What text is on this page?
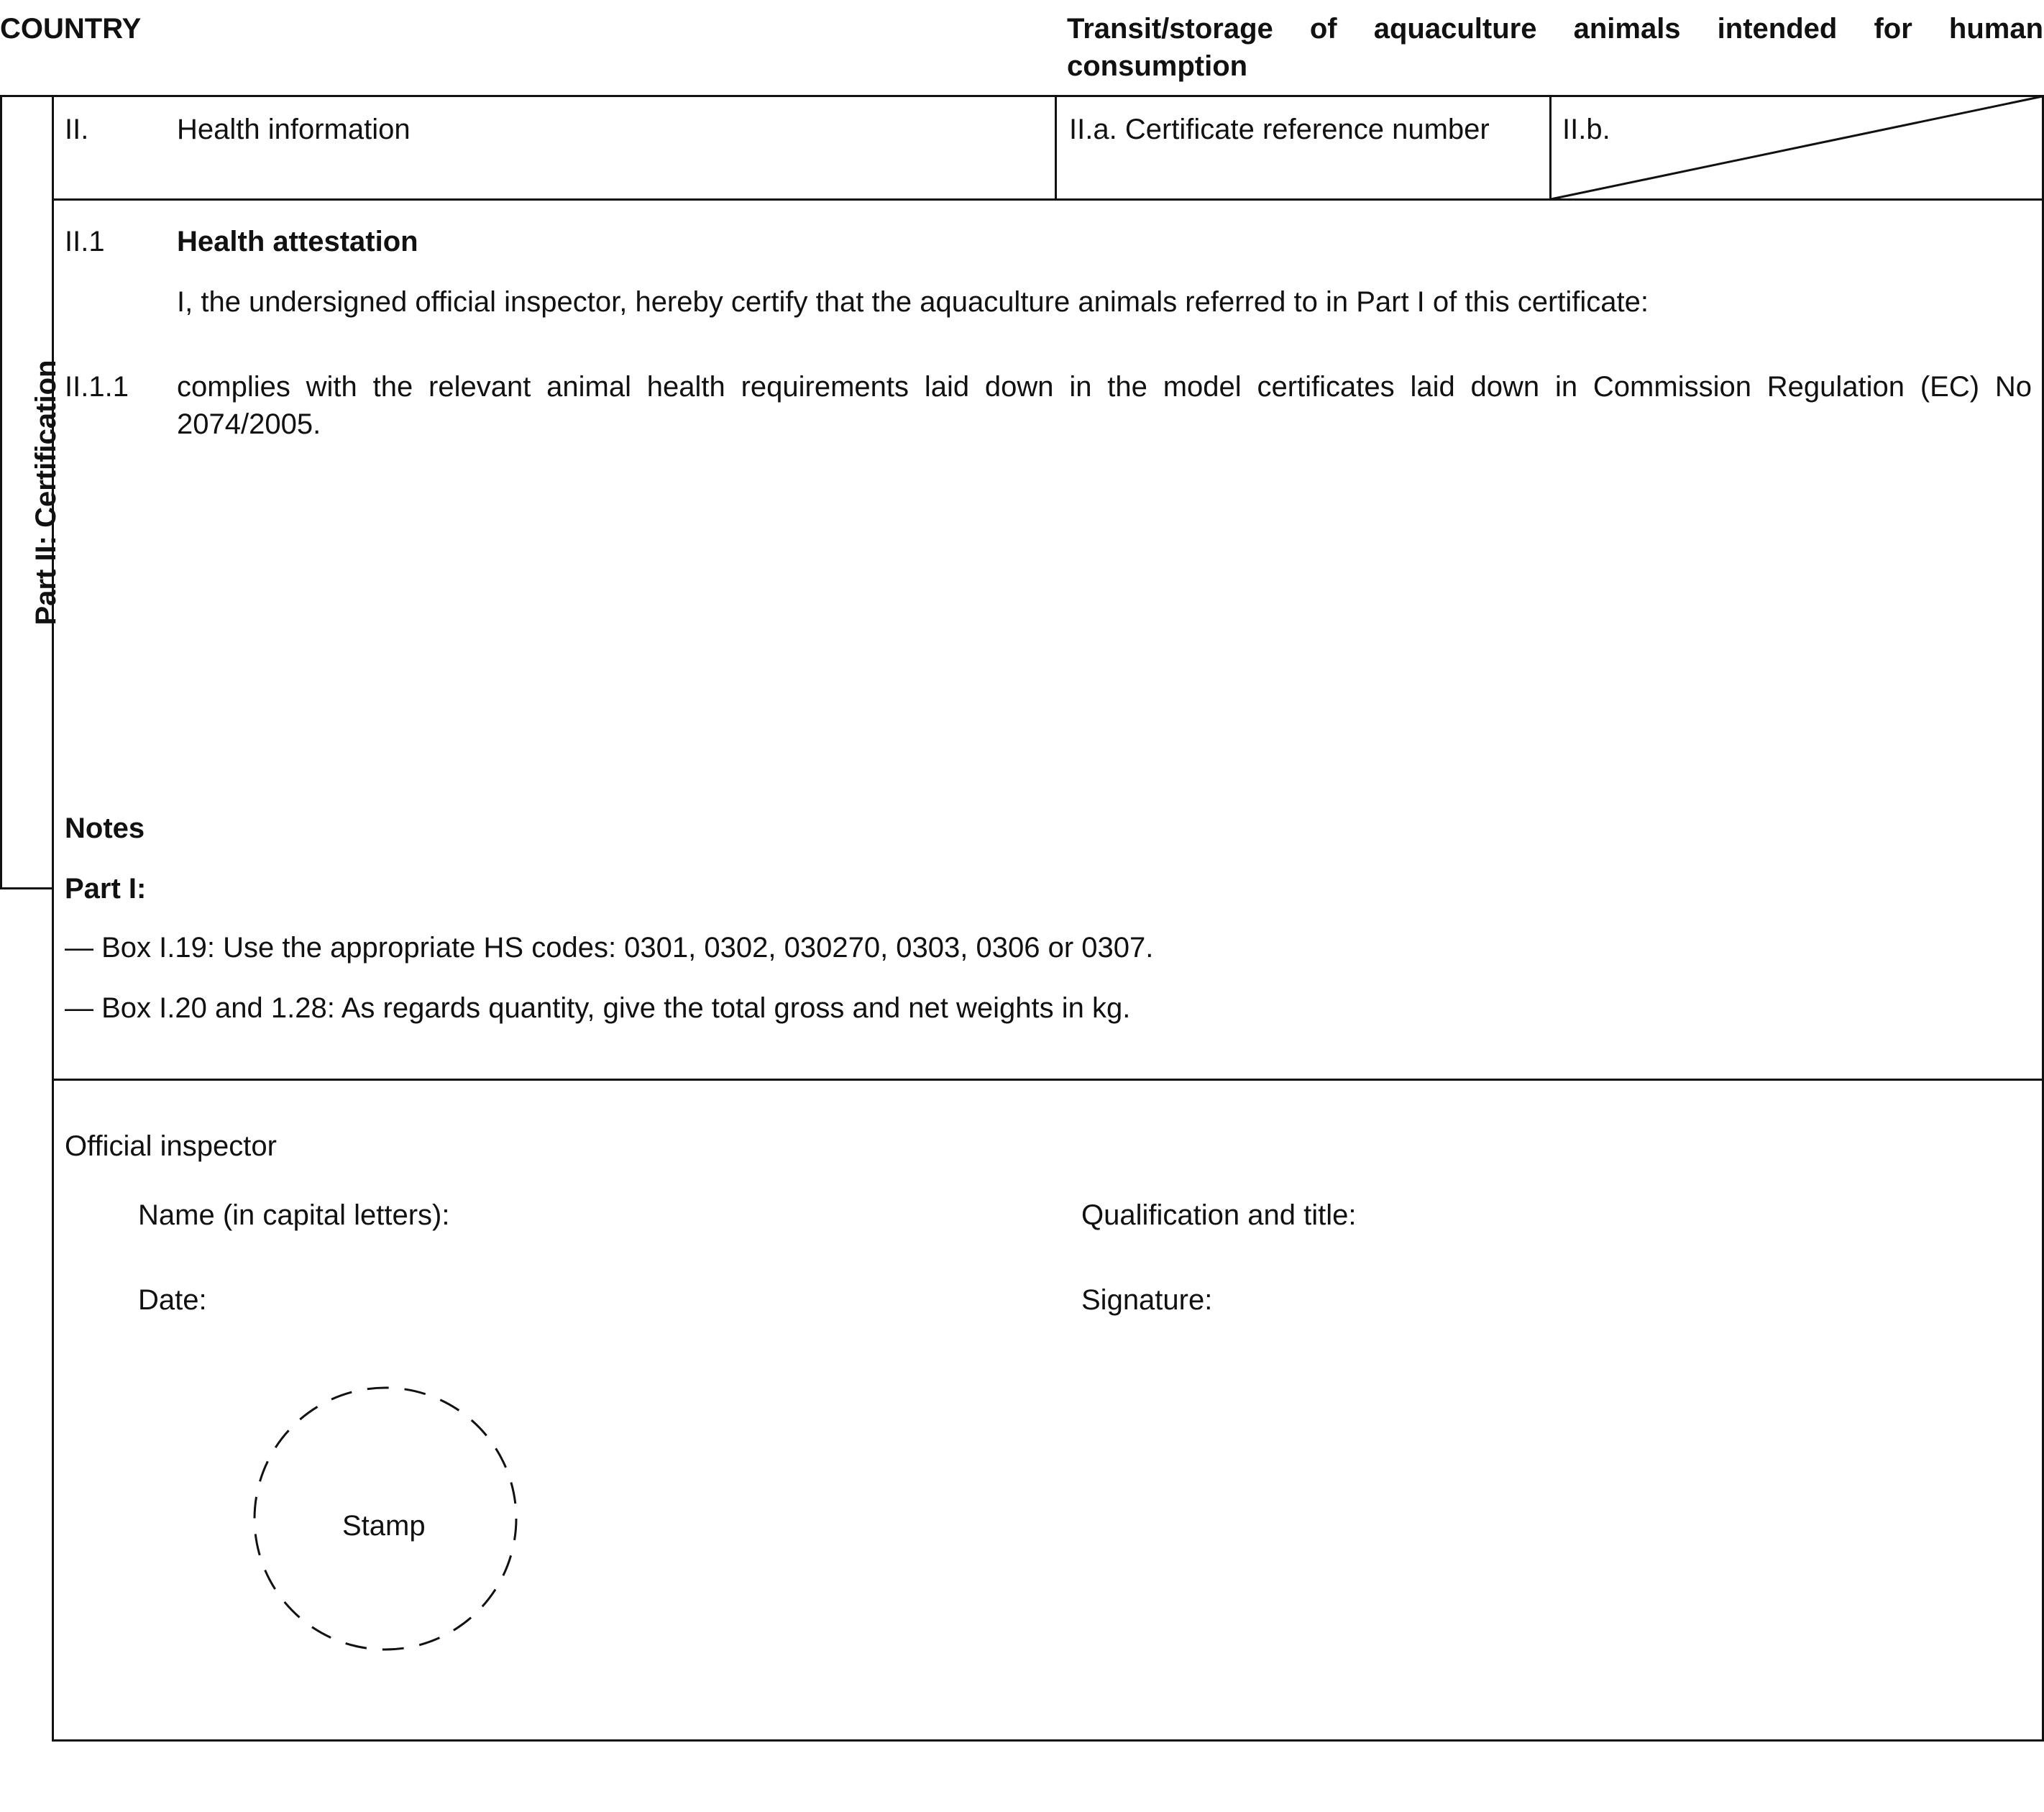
COUNTRY	Transit/storage of aquaculture animals intended for human
consumption
Part II: Certification
II.	Health information	II.a. Certificate reference number	II.b.
II.1	Health attestation
I, the undersigned official inspector, hereby certify that the aquaculture animals referred to in Part I of this certificate:
II.1.1 complies with the relevant animal health requirements laid down in the model certificates laid down in Commission Regulation (EC) No 2074/2005.
Notes
Part I:
— Box I.19: Use the appropriate HS codes: 0301, 0302, 030270, 0303, 0306 or 0307.
— Box I.20 and 1.28: As regards quantity, give the total gross and net weights in kg.
Official inspector
Name (in capital letters):	Qualification and title:
Date:	Signature:
Stamp
